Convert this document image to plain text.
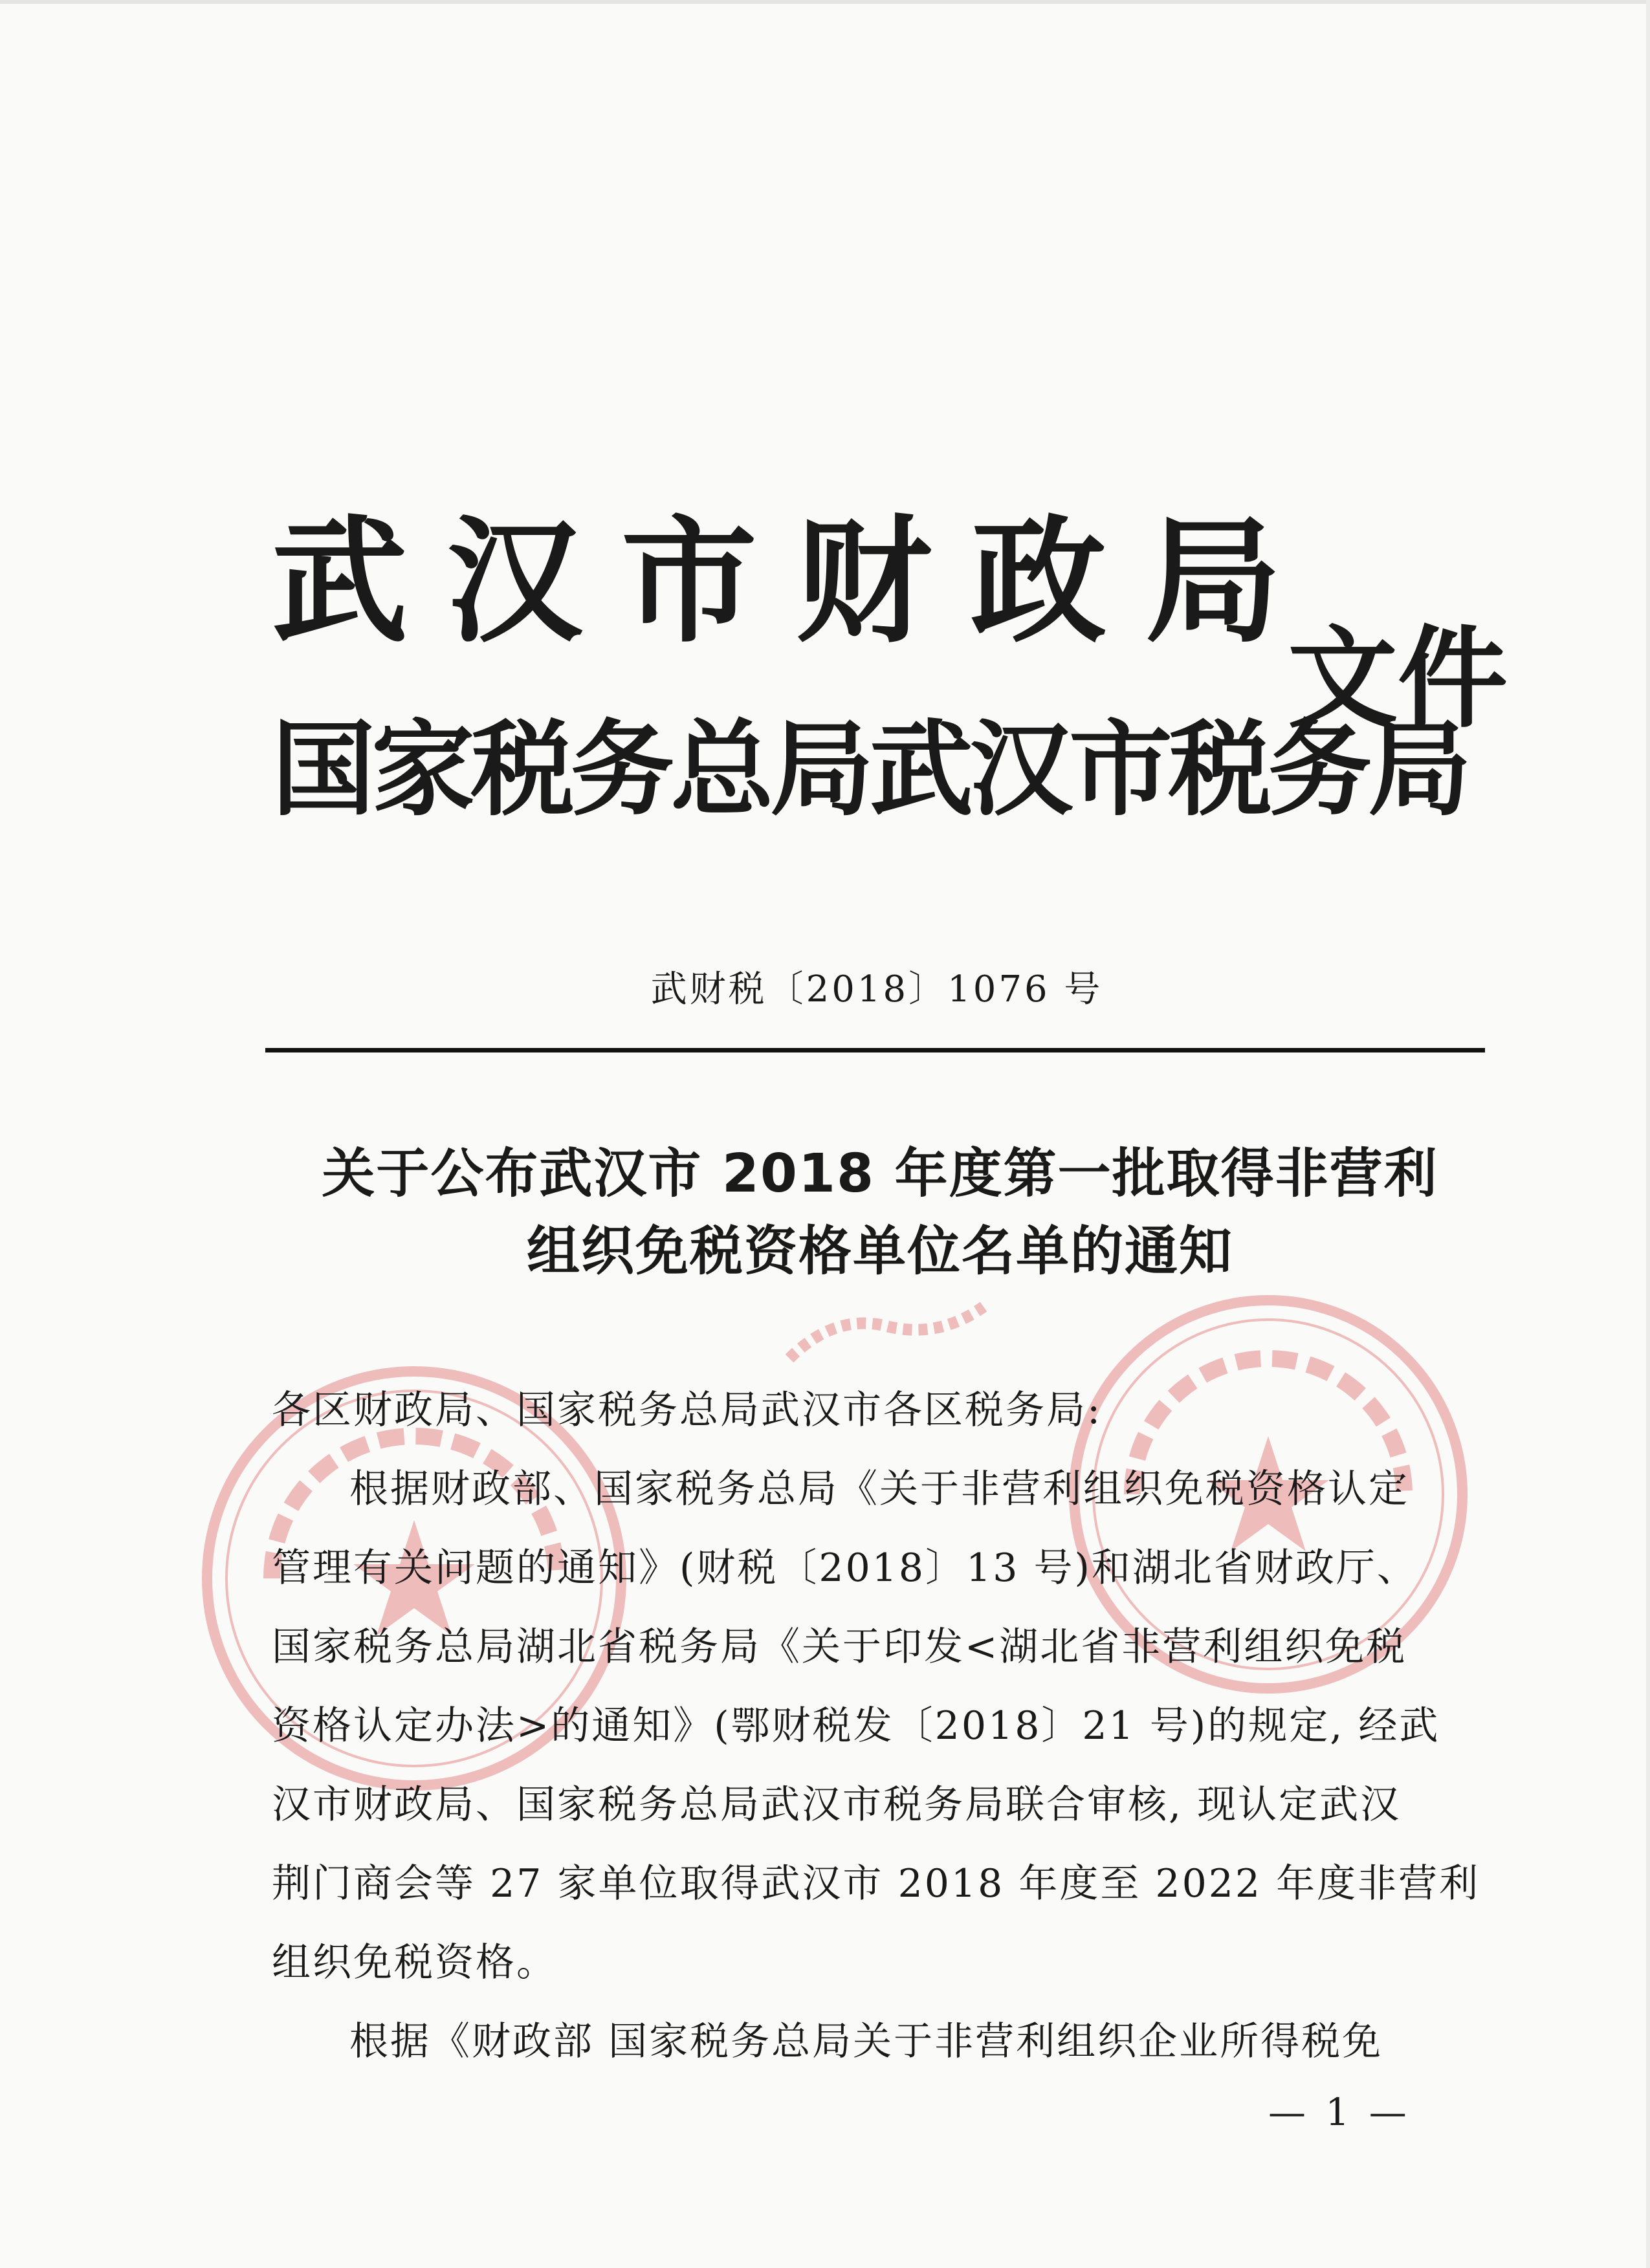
武 汉 市 财 政 局
国家税务总局武汉市税务局
文件
武财税〔2018〕1076 号
关于公布武汉市 2018 年度第一批取得非营利
组织免税资格单位名单的通知
各区财政局、国家税务总局武汉市各区税务局:
根据财政部、国家税务总局《关于非营利组织免税资格认定
管理有关问题的通知》(财税〔2018〕13 号)和湖北省财政厅、
国家税务总局湖北省税务局《关于印发<湖北省非营利组织免税
资格认定办法>的通知》(鄂财税发〔2018〕21 号)的规定, 经武
汉市财政局、国家税务总局武汉市税务局联合审核, 现认定武汉
荆门商会等 27 家单位取得武汉市 2018 年度至 2022 年度非营利
组织免税资格。
根据《财政部 国家税务总局关于非营利组织企业所得税免
— 1 —
